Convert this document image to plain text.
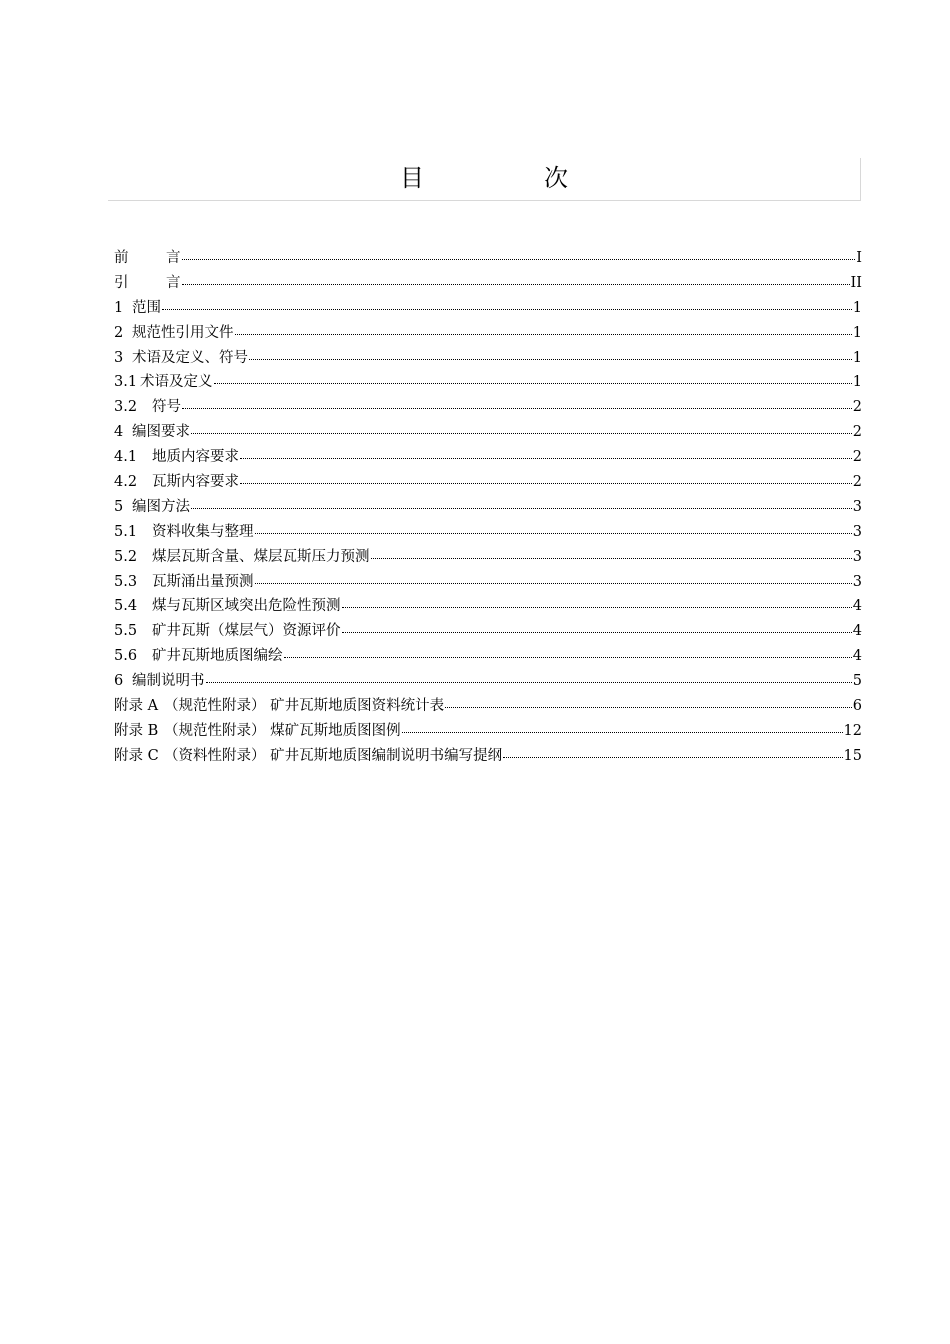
目　次
前	言	I
引	言	II
1 范围	1
2 规范性引用文件	1
3 术语及定义、符号	1
3.1 术语及定义	1
3.2	符号	2
4 编图要求	2
4.1	地质内容要求	2
4.2	瓦斯内容要求	2
5 编图方法	3
5.1	资料收集与整理	3
5.2	煤层瓦斯含量、煤层瓦斯压力预测	3
5.3	瓦斯涌出量预测	3
5.4	煤与瓦斯区域突出危险性预测	4
5.5	矿井瓦斯（煤层气）资源评价	4
5.6	矿井瓦斯地质图编绘	4
6 编制说明书	5
附录 A （规范性附录） 矿井瓦斯地质图资料统计表	6
附录 B （规范性附录） 煤矿瓦斯地质图图例	12
附录 C （资料性附录） 矿井瓦斯地质图编制说明书编写提纲	15
